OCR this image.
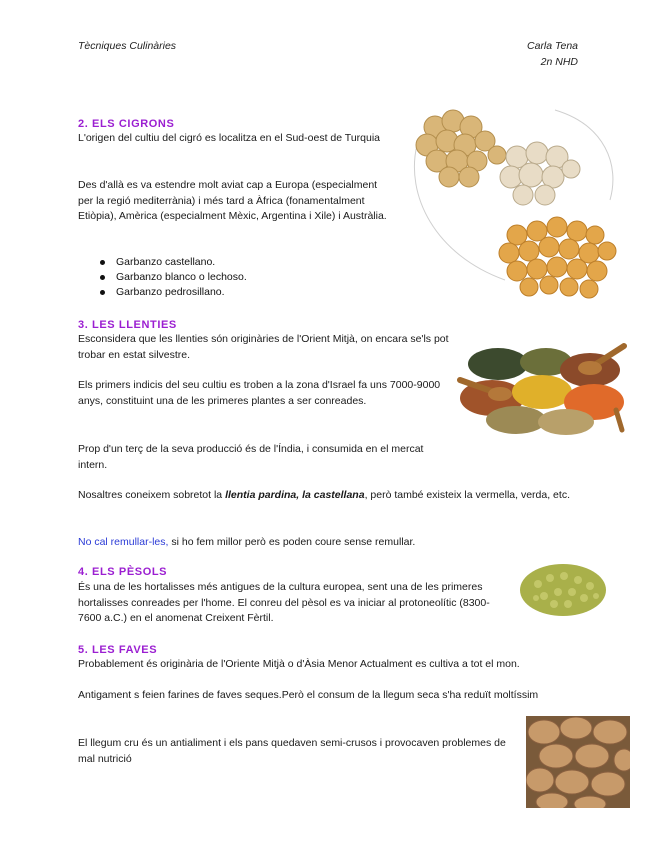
Tècniques Culinàries	Carla Tena
2n NHD
2. ELS CIGRONS
L'origen del cultiu del cigró es localitza en el Sud-oest de Turquia
Des d'allà es va estendre molt aviat cap a Europa (especialment per la regió mediterrània) i més tard a Àfrica (fonamentalment Etiòpia), Amèrica (especialment Mèxic, Argentina i Xile) i Austràlia.
Garbanzo castellano.
Garbanzo blanco o lechoso.
Garbanzo pedrosillano.
3. LES LLENTIES
Esconsidera que les llenties són originàries de l'Orient Mitjà, on encara se'ls pot trobar en estat silvestre.
Els primers indicis del seu cultiu es troben a la zona d'Israel fa uns 7000-9000 anys, constituint una de les primeres plantes a ser conreades.
Prop d'un terç de la seva producció és de l'Índia, i consumida en el mercat intern.
Nosaltres coneixem sobretot la llentia pardina, la castellana, però també existeix la vermella, verda, etc.
No cal remullar-les, si ho fem millor però es poden coure sense remullar.
4. ELS PÈSOLS
És una de les hortalisses més antigues de la cultura europea, sent una de les primeres hortalisses conreades per l'home. El conreu del pèsol es va iniciar al protoneolític (8300-7600 a.C.) en el anomenat Creixent Fèrtil.
5. LES FAVES
Probablement és originària de l'Oriente Mitjà o d'Àsia Menor Actualment es cultiva a tot el mon.
Antigament s feien farines de faves seques.Però el consum de la llegum seca s'ha reduït moltíssim
El llegum cru és un antialiment i els pans quedaven semi-crusos i provocaven problemes de mal nutrició
